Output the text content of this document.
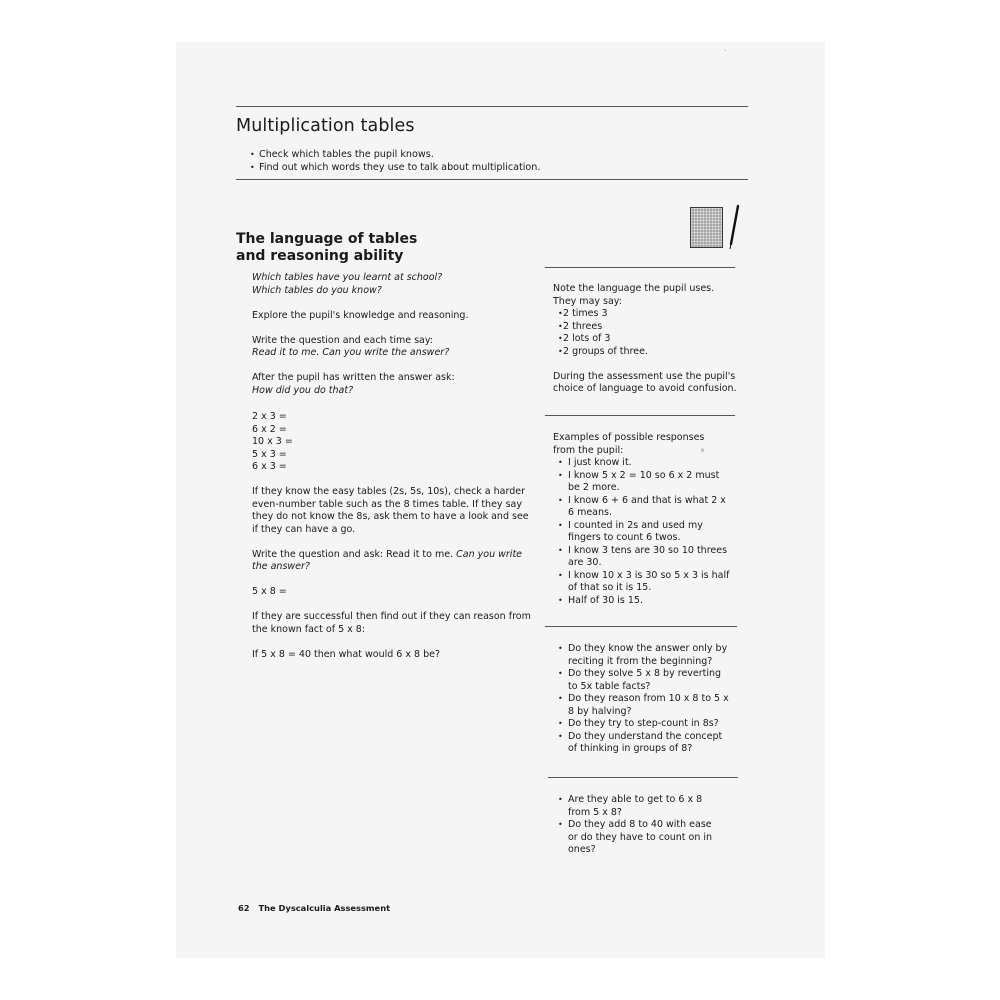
Multiplication tables
• Check which tables the pupil knows.
• Find out which words they use to talk about multiplication.
The language of tables
and reasoning ability

Which tables have you learnt at school?
Which tables do you know?

Explore the pupil's knowledge and reasoning.

Write the question and each time say:
Read it to me. Can you write the answer?

After the pupil has written the answer ask:
How did you do that?

2 x 3 =
6 x 2 =
10 x 3 =
5 x 3 =
6 x 3 =

If they know the easy tables (2s, 5s, 10s), check a harder
even-number table such as the 8 times table. If they say
they do not know the 8s, ask them to have a look and see
if they can have a go.

Write the question and ask: Read it to me. Can you write
the answer?

5 x 8 =

If they are successful then find out if they can reason from
the known fact of 5 x 8:

If 5 x 8 = 40 then what would 6 x 8 be?

Note the language the pupil uses.
They may say:
• 2 times 3
• 2 threes
• 2 lots of 3
• 2 groups of three.
During the assessment use the pupil's
choice of language to avoid confusion.
Examples of possible responses
from the pupil:
• I just know it.
• I know 5 x 2 = 10 so 6 x 2 must
be 2 more.
• I know 6 + 6 and that is what 2 x
6 means.
• I counted in 2s and used my
fingers to count 6 twos.
• I know 3 tens are 30 so 10 threes
are 30.
• I know 10 x 3 is 30 so 5 x 3 is half
of that so it is 15.
• Half of 30 is 15.
• Do they know the answer only by
reciting it from the beginning?
• Do they solve 5 x 8 by reverting
to 5x table facts?
• Do they reason from 10 x 8 to 5 x
8 by halving?
• Do they try to step-count in 8s?
• Do they understand the concept
of thinking in groups of 8?
• Are they able to get to 6 x 8
from 5 x 8?
• Do they add 8 to 40 with ease
or do they have to count on in
ones?
ˋ
ª
62 The Dyscalculia Assessment
